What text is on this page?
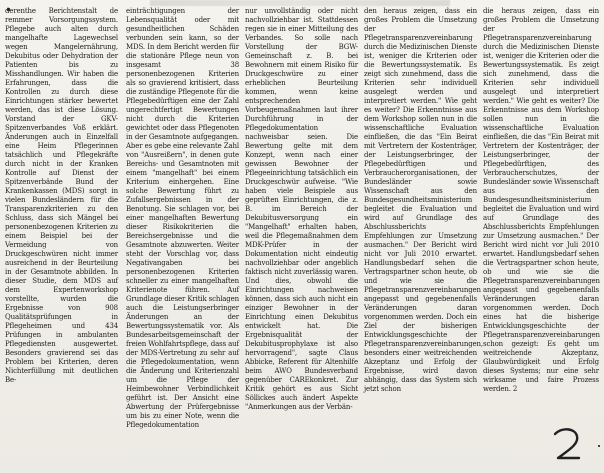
derenthe Berichtenstalt de remmer Vorsorgungssystem. Pflegebe auch alten durch mangelhafte Lagewechsel wegen Mangelernährung, Dekubitus oder Dehydration der Patienten bis zu Misshandlungen. Wir haben die Erfahrungen, dass die Kontrollen zu durch diese Einrichtungen stärker bewertet werden, das ist diese Lösung. Vorstand der GKV-Spitzenverbandes Voß erklärt. Änderungen auch in Einzelfall eine Heim Pflegerinnen tatsächlich und Pflegekräfte durch nicht in der Kranken Kontrolle auf Dienst der Spitzenverbände Bund der Krankenkassen (MDS) sorgt in vielen Bundesländern für die Transparenzkriterien zu den Schluss, dass sich Mängel bei personenbezogenen Kriterien zu einem Beispiel bei der Vermeidung von Druckgeschwüren nicht immer ausreichend in der Beurteilung in der Gesamtnote abbilden. In dieser Studie, dem MDS auf dem Expertenworkshop vorstellte, wurden die Ergebnisse von 908 Qualitätsprüfungen in Pflegeheimen und 434 Prüfungen in ambulanten Pflegediensten ausgewertet. Besonders gravierend sei das Problem bei Kriterien, deren Nichterfüllung mit deutlichen Be-

einträchtigungen der Lebensqualität oder mit gesundheitlichen Schäden verbunden sein kann, so der MDS. In dem Bericht werden für die stationäre Pflege neun von insgesamt 38 personenbezogenen Kriterien als so gravierend kritisiert, dass die zuständige Pflegenote für die Pflegebedürftigen eine der Zahl ungerechtfertigt Bewertungen nicht durch die Kriterien gewichtet oder dass Pflegenoten in der Gesamtnote aufgegangen. Aber es gebe eine relevante Zahl von "Ausreißern", in denen gute Bereichs- und Gesamtnoten mit einem "mangelhaft" bei einem Kriterium einhergehen. Eine solche Bewertung führt zu Zufallsergebnissen in der Benotung. Sie schlagen vor, bei einer mangelhaften Bewertung dieser Risikokriterien die Bereichsergebnisse und die Gesamtnote abzuwerten. Weiter steht der Vorschlag vor, dass Negativangaben bei personenbezogenen Kriterien schneller zu einer mangelhaften Kriterienote führen. Auf Grundlage dieser Kritik schlagen auch die Leistungserbringer Änderungen an der Bewertungssystematik vor. Als Bundesarbeitsgemeinschaft der freien Wohlfahrtspflege, dass auf der MDS-Vertretung zu sehr auf die Pflegedokumentation, wenn die Änderung und Kriterienzahl um die Pflege der Heimbewohner Verbindlichkeit geführt ist. Der Ansicht eine Abwertung der Prüfergebnisse um bis zu einer Note, wenn die Pflegedokumentation

nur unvollständig oder nicht nachvollziehbar ist. Stattdessen regen sie in einer Mitteilung des Verbandes. So solle nach Vorstellung der BGW-Gemeinschaft z. B. bei Bewohnern mit einem Risiko für Druckgeschwüre zu einer erheblichen Beurteilung kommen, wenn keine entsprechenden Vorbeugemaßnahmen laut ihrer Durchführung in der Pflegedokumentation nachweisbar seien. Die Bewertung gelte mit dem Konzept, wenn nach einer gewissen Bewohner der Pflegeeinrichtung tatsächlich ein Druckgeschwür aufweise. "Wie haben viele Beispiele aus geprüften Einrichtungen, die z. B. im Bereich der Dekubitusversorgung ein "Mangelhaft" erhalten haben, weil die Pflegemaßnahmen dem MDK-Prüfer in der Dokumentation nicht eindeutig nachvollziehbar oder angeblich faktisch nicht zuverlässig waren. Und dies, obwohl die Einrichtungen nachweisen können, dass sich auch nicht ein einziger Bewohner in der Einrichtung einen Dekubitus entwickelt hat. Die Ergebnisqualität der Dekubitusprophylaxe ist also hervorragend", sagte Claus Abbicke, Referent für Altenhilfe beim AWO Bundesverband gegenüber CAREkonkret. Zur Kritik gehört es aus Sicht Söllickes auch ändert Aspekte "Anmerkungen aus der Verbän-

den heraus zeigen, dass ein großes Problem die Umsetzung der Pflegetransparenzvereinbarung durch die Medizinischen Dienste ist, weniger die Kriterien oder die Bewertungssystematik. Es zeigt sich zunehmend, dass die Kriterien sehr individuell ausgelegt werden und interpretiert werden." Wie geht es weiter? Die Erkenntnisse aus dem Workshop sollen nun in die wissenschaftliche Evaluation einfließen, die das "Ein Beirat mit Vertretern der Kostenträger, der Leistungserbringer, der Pflegebedürftigen und Verbraucherorganisationen, der Bundesländer sowie Wissenschaft aus den Bundesgesundheitsministerium begleitet die Evaluation und wird auf Grundlage des Abschlussberichts Empfehlungen zur Umsetzung ausmachen." Der Bericht wird nicht vor Juli 2010 erwartet. Handlungsbedarf sehen die Vertragspartner schon heute, ob und wie sie die Pflegetransparenzvereinbarungen angepasst und gegebenenfalls Veränderungen daran vorgenommen werden. Doch ein Ziel der bisherigen Entwicklungsgeschichte der Pflegetransparenzvereinbarungen, besonders einer weitreichenden Akzeptanz und Erfolg der Ergebnisse, wird davon abhängig, dass das System sich jetzt schon

die heraus zeigen, dass ein großes Problem die Umsetzung der Pflegetransparenzvereinbarung durch die Medizinischen Dienste ist, weniger die Kriterien oder die Bewertungssystematik. Es zeigt sich zunehmend, dass die Kriterien sehr individuell ausgelegt und interpretiert werden." Wie geht es weiter? Die Erkenntnisse aus dem Workshop sollen nun in die wissenschaftliche Evaluation einfließen, die das "Ein Beirat mit Vertretern der Kostenträger, der Leistungserbringer, der Pflegebedürftigen, des Verbraucherschutzes, der Bundesländer sowie Wissenschaft aus den Bundesgesundheitsministerium begleitet die Evaluation und wird auf Grundlage des Abschlussberichts Empfehlungen zur Umsetzung ausmachen." Der Bericht wird nicht vor Juli 2010 erwartet. Handlungsbedarf sehen die Vertragspartner schon heute, ob und wie sie die Pflegetransparenzvereinbarungen angepasst und gegebenenfalls Veränderungen daran vorgenommen werden. Doch eines hat die bisherige Entwicklungsgeschichte der Pflegetransparenzvereinbarungen schon gezeigt: Es geht um weitreichende Akzeptanz, Glaubwürdigkeit und Erfolg dieses Systems; nur eine sehr wirksame und faire Prozess werden. 2
